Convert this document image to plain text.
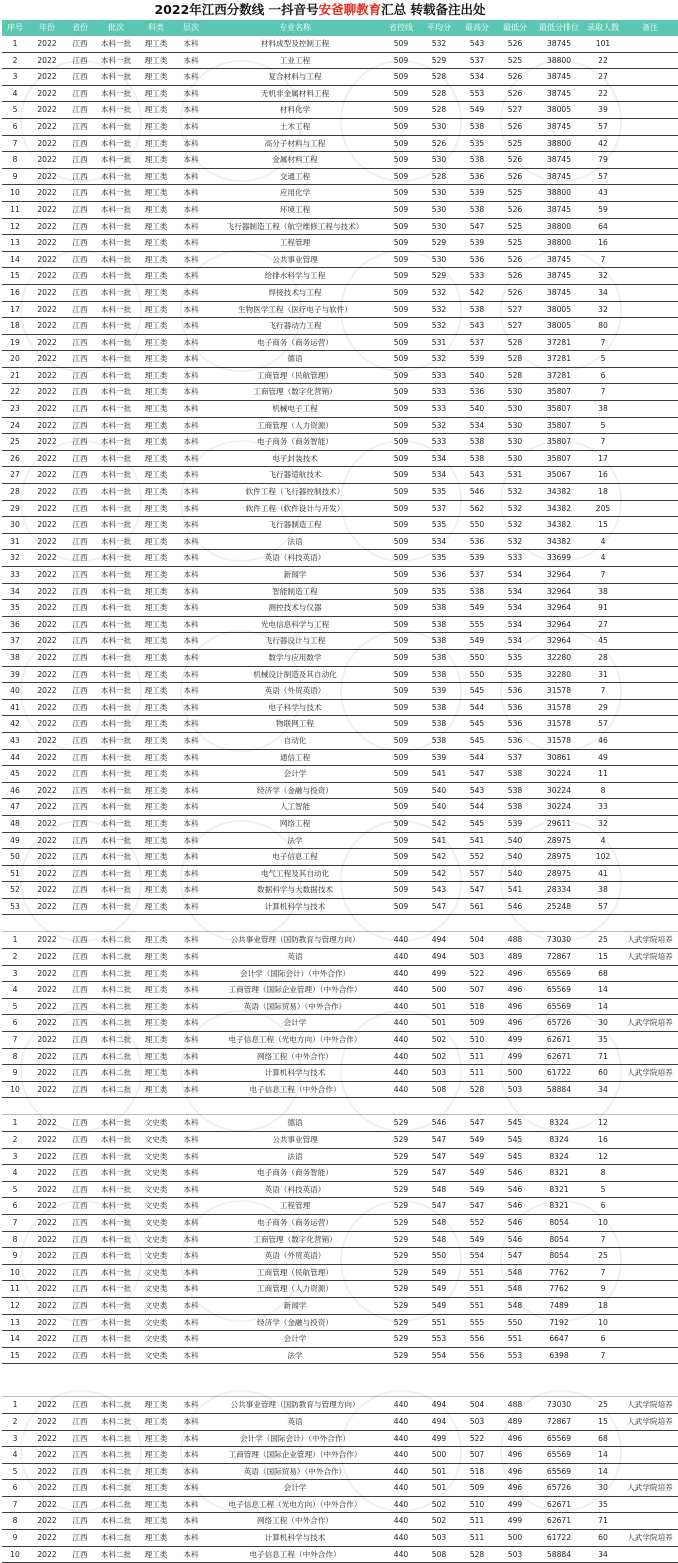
2022年江西分数线 一抖音号安爸聊教育汇总 转载备注出处
序号	年份	省份	批次	科类	层次	专业名称	省控线	平均分	最高分	最低分	最低分排位	录取人数	备注
1	2022	江西	本科一批	理工类	本科	材料成型及控制工程	509	532	543	526	38745	101	
2	2022	江西	本科一批	理工类	本科	工业工程	509	529	537	525	38800	22	
3	2022	江西	本科一批	理工类	本科	复合材料与工程	509	528	534	526	38745	27	
4	2022	江西	本科一批	理工类	本科	无机非金属材料工程	509	528	553	526	38745	22	
5	2022	江西	本科一批	理工类	本科	材料化学	509	528	549	527	38005	39	
6	2022	江西	本科一批	理工类	本科	土木工程	509	530	538	526	38745	57	
7	2022	江西	本科一批	理工类	本科	高分子材料与工程	509	526	535	525	38800	42	
8	2022	江西	本科一批	理工类	本科	金属材料工程	509	530	538	526	38745	79	
9	2022	江西	本科一批	理工类	本科	交通工程	509	528	536	526	38745	57	
10	2022	江西	本科一批	理工类	本科	应用化学	509	530	539	525	38800	43	
11	2022	江西	本科一批	理工类	本科	环境工程	509	530	538	526	38745	59	
12	2022	江西	本科一批	理工类	本科	飞行器制造工程（航空维修工程与技术）	509	530	547	525	38800	64	
13	2022	江西	本科一批	理工类	本科	工程管理	509	529	539	525	38800	16	
14	2022	江西	本科一批	理工类	本科	公共事业管理	509	530	536	526	38745	7	
15	2022	江西	本科一批	理工类	本科	给排水科学与工程	509	529	533	526	38745	32	
16	2022	江西	本科一批	理工类	本科	焊接技术与工程	509	532	542	526	38745	34	
17	2022	江西	本科一批	理工类	本科	生物医学工程（医疗电子与软件）	509	532	538	527	38005	32	
18	2022	江西	本科一批	理工类	本科	飞行器动力工程	509	532	543	527	38005	80	
19	2022	江西	本科一批	理工类	本科	电子商务（商务运营）	509	531	537	528	37281	7	
20	2022	江西	本科一批	理工类	本科	德语	509	532	539	528	37281	5	
21	2022	江西	本科一批	理工类	本科	工商管理（民航管理）	509	533	540	528	37281	6	
22	2022	江西	本科一批	理工类	本科	工商管理（数字化营销）	509	533	536	530	35807	7	
23	2022	江西	本科一批	理工类	本科	机械电子工程	509	533	540	530	35807	38	
24	2022	江西	本科一批	理工类	本科	工商管理（人力资源）	509	532	534	530	35807	5	
25	2022	江西	本科一批	理工类	本科	电子商务（商务智能）	509	533	538	530	35807	7	
26	2022	江西	本科一批	理工类	本科	电子封装技术	509	534	538	530	35807	17	
27	2022	江西	本科一批	理工类	本科	飞行器适航技术	509	534	543	531	35067	16	
28	2022	江西	本科一批	理工类	本科	软件工程（飞行器控制技术）	509	535	546	532	34382	18	
29	2022	江西	本科一批	理工类	本科	软件工程（软件设计与开发）	509	537	562	532	34382	205	
30	2022	江西	本科一批	理工类	本科	飞行器制造工程	509	535	550	532	34382	15	
31	2022	江西	本科一批	理工类	本科	法语	509	534	536	532	34382	4	
32	2022	江西	本科一批	理工类	本科	英语（科技英语）	509	535	539	533	33699	4	
33	2022	江西	本科一批	理工类	本科	新闻学	509	536	537	534	32964	7	
34	2022	江西	本科一批	理工类	本科	智能制造工程	509	535	538	534	32964	38	
35	2022	江西	本科一批	理工类	本科	测控技术与仪器	509	538	549	534	32964	91	
36	2022	江西	本科一批	理工类	本科	光电信息科学与工程	509	538	555	534	32964	27	
37	2022	江西	本科一批	理工类	本科	飞行器设计与工程	509	538	549	534	32964	45	
38	2022	江西	本科一批	理工类	本科	数学与应用数学	509	538	550	535	32280	28	
39	2022	江西	本科一批	理工类	本科	机械设计制造及其自动化	509	538	550	535	32280	31	
40	2022	江西	本科一批	理工类	本科	英语（外贸英语）	509	539	545	536	31578	7	
41	2022	江西	本科一批	理工类	本科	电子科学与技术	509	538	544	536	31578	29	
42	2022	江西	本科一批	理工类	本科	物联网工程	509	538	545	536	31578	57	
43	2022	江西	本科一批	理工类	本科	自动化	509	538	545	536	31578	46	
44	2022	江西	本科一批	理工类	本科	通信工程	509	539	544	537	30861	49	
45	2022	江西	本科一批	理工类	本科	会计学	509	541	547	538	30224	11	
46	2022	江西	本科一批	理工类	本科	经济学（金融与投资）	509	540	543	538	30224	8	
47	2022	江西	本科一批	理工类	本科	人工智能	509	540	544	538	30224	33	
48	2022	江西	本科一批	理工类	本科	网络工程	509	542	545	539	29611	32	
49	2022	江西	本科一批	理工类	本科	法学	509	541	541	540	28975	4	
50	2022	江西	本科一批	理工类	本科	电子信息工程	509	542	552	540	28975	102	
51	2022	江西	本科一批	理工类	本科	电气工程及其自动化	509	542	557	540	28975	41	
52	2022	江西	本科一批	理工类	本科	数据科学与大数据技术	509	543	547	541	28334	38	
53	2022	江西	本科一批	理工类	本科	计算机科学与技术	509	547	561	546	25248	57	

1	2022	江西	本科二批	理工类	本科	公共事业管理（国防教育与管理方向）	440	494	504	488	73030	25	人武学院培养
2	2022	江西	本科二批	理工类	本科	英语	440	494	503	489	72867	15	人武学院培养
3	2022	江西	本科二批	理工类	本科	会计学（国际会计）（中外合作）	440	499	522	496	65569	68	
4	2022	江西	本科二批	理工类	本科	工商管理（国际企业管理）（中外合作）	440	500	507	496	65569	14	
5	2022	江西	本科二批	理工类	本科	英语（国际贸易）（中外合作）	440	501	518	496	65569	14	
6	2022	江西	本科二批	理工类	本科	会计学	440	501	509	496	65726	30	人武学院培养
7	2022	江西	本科二批	理工类	本科	电子信息工程（光电方向）（中外合作）	440	502	510	499	62671	35	
8	2022	江西	本科二批	理工类	本科	网络工程（中外合作）	440	502	511	499	62671	71	
9	2022	江西	本科二批	理工类	本科	计算机科学与技术	440	503	511	500	61722	60	人武学院培养
10	2022	江西	本科二批	理工类	本科	电子信息工程（中外合作）	440	508	528	503	58884	34	

1	2022	江西	本科一批	文史类	本科	德语	529	546	547	545	8324	12	
2	2022	江西	本科一批	文史类	本科	公共事业管理	529	547	549	545	8324	16	
3	2022	江西	本科一批	文史类	本科	法语	529	547	549	545	8324	12	
4	2022	江西	本科一批	文史类	本科	电子商务（商务智能）	529	547	549	546	8321	8	
5	2022	江西	本科一批	文史类	本科	英语（科技英语）	529	548	549	546	8321	5	
6	2022	江西	本科一批	文史类	本科	工程管理	529	547	547	546	8321	6	
7	2022	江西	本科一批	文史类	本科	电子商务（商务运营）	529	548	552	546	8054	10	
8	2022	江西	本科一批	文史类	本科	工商管理（数字化营销）	529	548	549	546	8054	7	
9	2022	江西	本科一批	文史类	本科	英语（外贸英语）	529	550	554	547	8054	25	
10	2022	江西	本科一批	文史类	本科	工商管理（民航管理）	529	549	551	548	7762	7	
11	2022	江西	本科一批	文史类	本科	工商管理（人力资源）	529	549	551	548	7762	9	
12	2022	江西	本科一批	文史类	本科	新闻学	529	549	551	548	7489	18	
13	2022	江西	本科一批	文史类	本科	经济学（金融与投资）	529	551	555	550	7192	10	
14	2022	江西	本科一批	文史类	本科	会计学	529	553	556	551	6647	6	
15	2022	江西	本科一批	文史类	本科	法学	529	554	556	553	6398	7	

1	2022	江西	本科二批	理工类	本科	公共事业管理（国防教育与管理方向）	440	494	504	488	73030	25	人武学院培养
2	2022	江西	本科二批	理工类	本科	英语	440	494	503	489	72867	15	人武学院培养
3	2022	江西	本科二批	理工类	本科	会计学（国际会计）（中外合作）	440	499	522	496	65569	68	
4	2022	江西	本科二批	理工类	本科	工商管理（国际企业管理）（中外合作）	440	500	507	496	65569	14	
5	2022	江西	本科二批	理工类	本科	英语（国际贸易）（中外合作）	440	501	518	496	65569	14	
6	2022	江西	本科二批	理工类	本科	会计学	440	501	509	496	65726	30	人武学院培养
7	2022	江西	本科二批	理工类	本科	电子信息工程（光电方向）（中外合作）	440	502	510	499	62671	35	
8	2022	江西	本科二批	理工类	本科	网络工程（中外合作）	440	502	511	499	62671	71	
9	2022	江西	本科二批	理工类	本科	计算机科学与技术	440	503	511	500	61722	60	人武学院培养
10	2022	江西	本科二批	理工类	本科	电子信息工程（中外合作）	440	508	528	503	58884	34	
